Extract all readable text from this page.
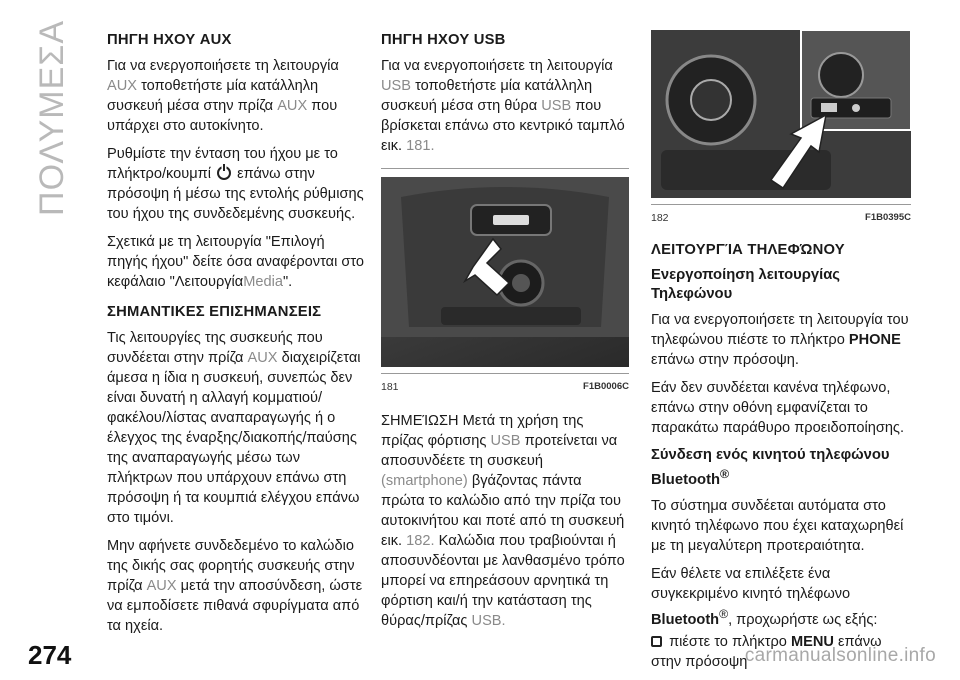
ΠΟΛΥΜΕΣΑ ΠΗΓΗ ΗΧΟΥ AUX

Για να ενεργοποιήσετε τη λειτουργία AUX τοποθετήστε μία κατάλληλη συσκευή μέσα στην πρίζα AUX που υπάρχει στο αυτοκίνητο.

Ρυθμίστε την ένταση του ήχου με το πλήκτρο/κουμπί επάνω στην πρόσοψη ή μέσω της εντολής ρύθμισης του ήχου της συνδεδεμένης συσκευής.

Σχετικά με τη λειτουργία "Επιλογή πηγής ήχου" δείτε όσα αναφέρονται στο κεφάλαιο "ΛειτουργίαMedia".

ΣΗΜΑΝΤΙΚΕΣ ΕΠΙΣΗΜΑΝΣΕΙΣ

Τις λειτουργίες της συσκευής που συνδέεται στην πρίζα AUX διαχειρίζεται άμεσα η ίδια η συσκευή, συνεπώς δεν είναι δυνατή η αλλαγή κομματιού/φακέλου/λίστας αναπαραγωγής ή ο έλεγχος της έναρξης/διακοπής/παύσης της αναπαραγωγής μέσω των πλήκτρων που υπάρχουν επάνω στη πρόσοψη ή τα κουμπιά ελέγχου επάνω στο τιμόνι.

Μην αφήνετε συνδεδεμένο το καλώδιο της δικής σας φορητής συσκευής στην πρίζα AUX μετά την αποσύνδεση, ώστε να εμποδίσετε πιθανά σφυρίγματα από τα ηχεία.

ΠΗΓΗ ΗΧΟΥ USB

Για να ενεργοποιήσετε τη λειτουργία USB τοποθετήστε μία κατάλληλη συσκευή μέσα στη θύρα USB που βρίσκεται επάνω στο κεντρικό ταμπλό εικ. 181.

181	F1B0006C

ΣΗΜΕΊΩΣΗ Μετά τη χρήση της πρίζας φόρτισης USB προτείνεται να αποσυνδέετε τη συσκευή (smartphone) βγάζοντας πάντα πρώτα το καλώδιο από την πρίζα του αυτοκινήτου και ποτέ από τη συσκευή εικ. 182. Καλώδια που τραβιούνται ή αποσυνδέονται με λανθασμένο τρόπο μπορεί να επηρεάσουν αρνητικά τη φόρτιση και/ή την κατάσταση της θύρας/πρίζας USB.

182	F1B0395C
ΛΕΙΤΟΥΡΓΊΑ ΤΗΛΕΦΏΝΟΥ
Ενεργοποίηση λειτουργίας Τηλεφώνου

Για να ενεργοποιήσετε τη λειτουργία του τηλεφώνου πιέστε το πλήκτρο PHONE επάνω στην πρόσοψη.

Εάν δεν συνδέεται κανένα τηλέφωνο, επάνω στην οθόνη εμφανίζεται το παρακάτω παράθυρο προειδοποίησης.

Σύνδεση ενός κινητού τηλεφώνου Bluetooth®

Το σύστημα συνδέεται αυτόματα στο κινητό τηλέφωνο που έχει καταχωρηθεί με τη μεγαλύτερη προτεραιότητα.

Εάν θέλετε να επιλέξετε ένα συγκεκριμένο κινητό τηλέφωνο Bluetooth®, προχωρήστε ως εξής:

πιέστε το πλήκτρο MENU επάνω στην πρόσοψη

274	carmanualsonline.info
